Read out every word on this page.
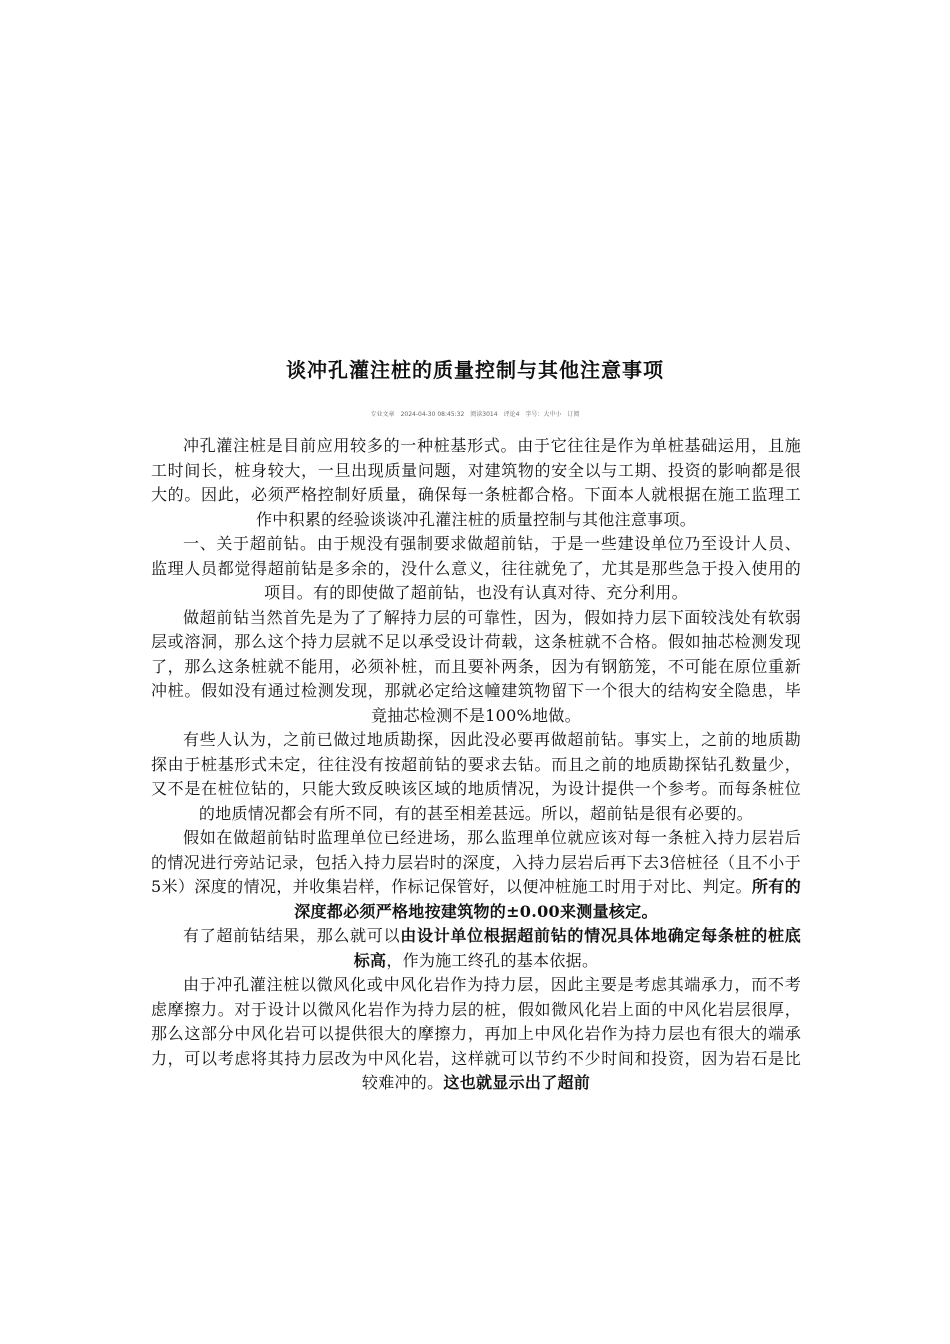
谈冲孔灌注桩的质量控制与其他注意事项
专业文章 2024-04-30 08:45:32 阅读3014 评论4 字号：大中小 订阅

冲孔灌注桩是目前应用较多的一种桩基形式。由于它往往是作为单桩基础运用，且施工时间长，桩身较大，一旦出现质量问题，对建筑物的安全以与工期、投资的影响都是很大的。因此，必须严格控制好质量，确保每一条桩都合格。下面本人就根据在施工监理工作中积累的经验谈谈冲孔灌注桩的质量控制与其他注意事项。

一、关于超前钻。由于规没有强制要求做超前钻，于是一些建设单位乃至设计人员、监理人员都觉得超前钻是多余的，没什么意义，往往就免了，尤其是那些急于投入使用的项目。有的即使做了超前钻，也没有认真对待、充分利用。

做超前钻当然首先是为了了解持力层的可靠性，因为，假如持力层下面较浅处有软弱层或溶洞，那么这个持力层就不足以承受设计荷载，这条桩就不合格。假如抽芯检测发现了，那么这条桩就不能用，必须补桩，而且要补两条，因为有钢筋笼，不可能在原位重新冲桩。假如没有通过检测发现，那就必定给这幢建筑物留下一个很大的结构安全隐患，毕竟抽芯检测不是100%地做。

有些人认为，之前已做过地质勘探，因此没必要再做超前钻。事实上，之前的地质勘探由于桩基形式未定，往往没有按超前钻的要求去钻。而且之前的地质勘探钻孔数量少，又不是在桩位钻的，只能大致反映该区域的地质情况，为设计提供一个参考。而每条桩位的地质情况都会有所不同，有的甚至相差甚远。所以，超前钻是很有必要的。

假如在做超前钻时监理单位已经进场，那么监理单位就应该对每一条桩入持力层岩后的情况进行旁站记录，包括入持力层岩时的深度，入持力层岩后再下去3倍桩径（且不小于5米）深度的情况，并收集岩样，作标记保管好，以便冲桩施工时用于对比、判定。所有的深度都必须严格地按建筑物的±0.00来测量核定。

有了超前钻结果，那么就可以由设计单位根据超前钻的情况具体地确定每条桩的桩底标高，作为施工终孔的基本依据。

由于冲孔灌注桩以微风化或中风化岩作为持力层，因此主要是考虑其端承力，而不考虑摩擦力。对于设计以微风化岩作为持力层的桩，假如微风化岩上面的中风化岩层很厚，那么这部分中风化岩可以提供很大的摩擦力，再加上中风化岩作为持力层也有很大的端承力，可以考虑将其持力层改为中风化岩，这样就可以节约不少时间和投资，因为岩石是比较难冲的。这也就显示出了超前
